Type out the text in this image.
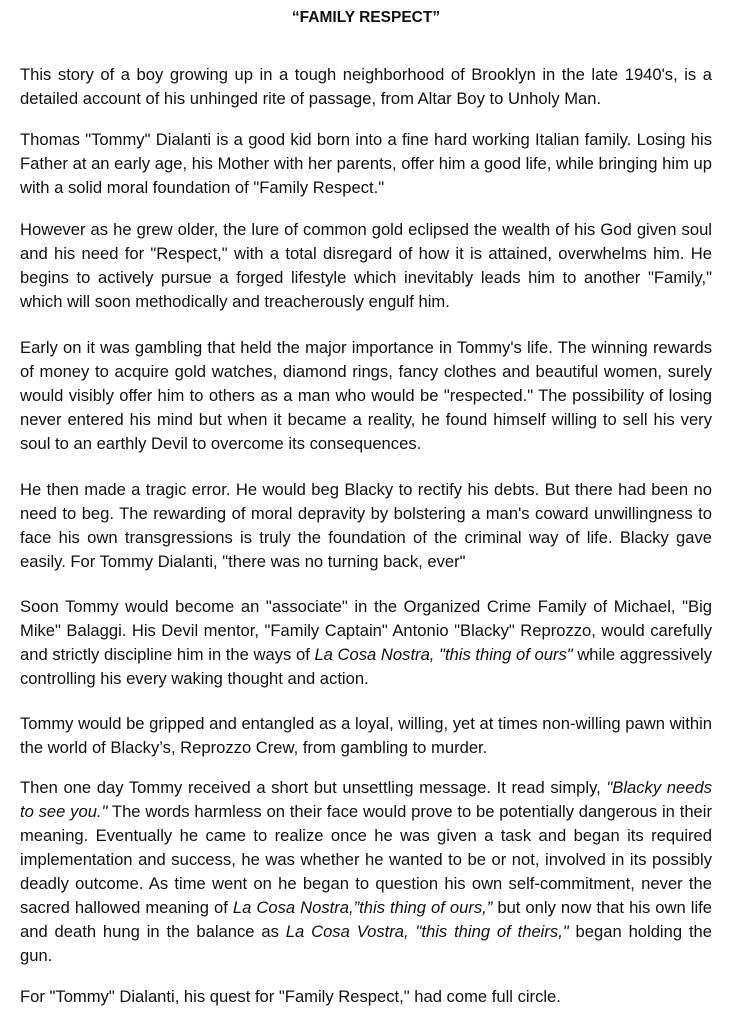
“FAMILY RESPECT”

This story of a boy growing up in a tough neighborhood of Brooklyn in the late 1940's, is a detailed account of his unhinged rite of passage, from Altar Boy to Unholy Man.

Thomas "Tommy" Dialanti is a good kid born into a fine hard working Italian family. Losing his Father at an early age, his Mother with her parents, offer him a good life, while bringing him up with a solid moral foundation of "Family Respect."

However as he grew older, the lure of common gold eclipsed the wealth of his God given soul and his need for "Respect," with a total disregard of how it is attained, overwhelms him. He begins to actively pursue a forged lifestyle which inevitably leads him to another "Family," which will soon methodically and treacherously engulf him.

Early on it was gambling that held the major importance in Tommy's life. The winning rewards of money to acquire gold watches, diamond rings, fancy clothes and beautiful women, surely would visibly offer him to others as a man who would be "respected." The possibility of losing never entered his mind but when it became a reality, he found himself willing to sell his very soul to an earthly Devil to overcome its consequences.

He then made a tragic error. He would beg Blacky to rectify his debts. But there had been no need to beg. The rewarding of moral depravity by bolstering a man's coward unwillingness to face his own transgressions is truly the foundation of the criminal way of life. Blacky gave easily. For Tommy Dialanti, "there was no turning back, ever"

Soon Tommy would become an "associate" in the Organized Crime Family of Michael, "Big Mike" Balaggi. His Devil mentor, "Family Captain" Antonio "Blacky" Reprozzo, would carefully and strictly discipline him in the ways of La Cosa Nostra, "this thing of ours" while aggressively controlling his every waking thought and action.

Tommy would be gripped and entangled as a loyal, willing, yet at times non-willing pawn within the world of Blacky’s, Reprozzo Crew, from gambling to murder.

Then one day Tommy received a short but unsettling message. It read simply, "Blacky needs to see you." The words harmless on their face would prove to be potentially dangerous in their meaning. Eventually he came to realize once he was given a task and began its required implementation and success, he was whether he wanted to be or not, involved in its possibly deadly outcome. As time went on he began to question his own self-commitment, never the sacred hallowed meaning of La Cosa Nostra,”this thing of ours,” but only now that his own life and death hung in the balance as La Cosa Vostra, "this thing of theirs," began holding the gun.

For "Tommy" Dialanti, his quest for "Family Respect," had come full circle.
